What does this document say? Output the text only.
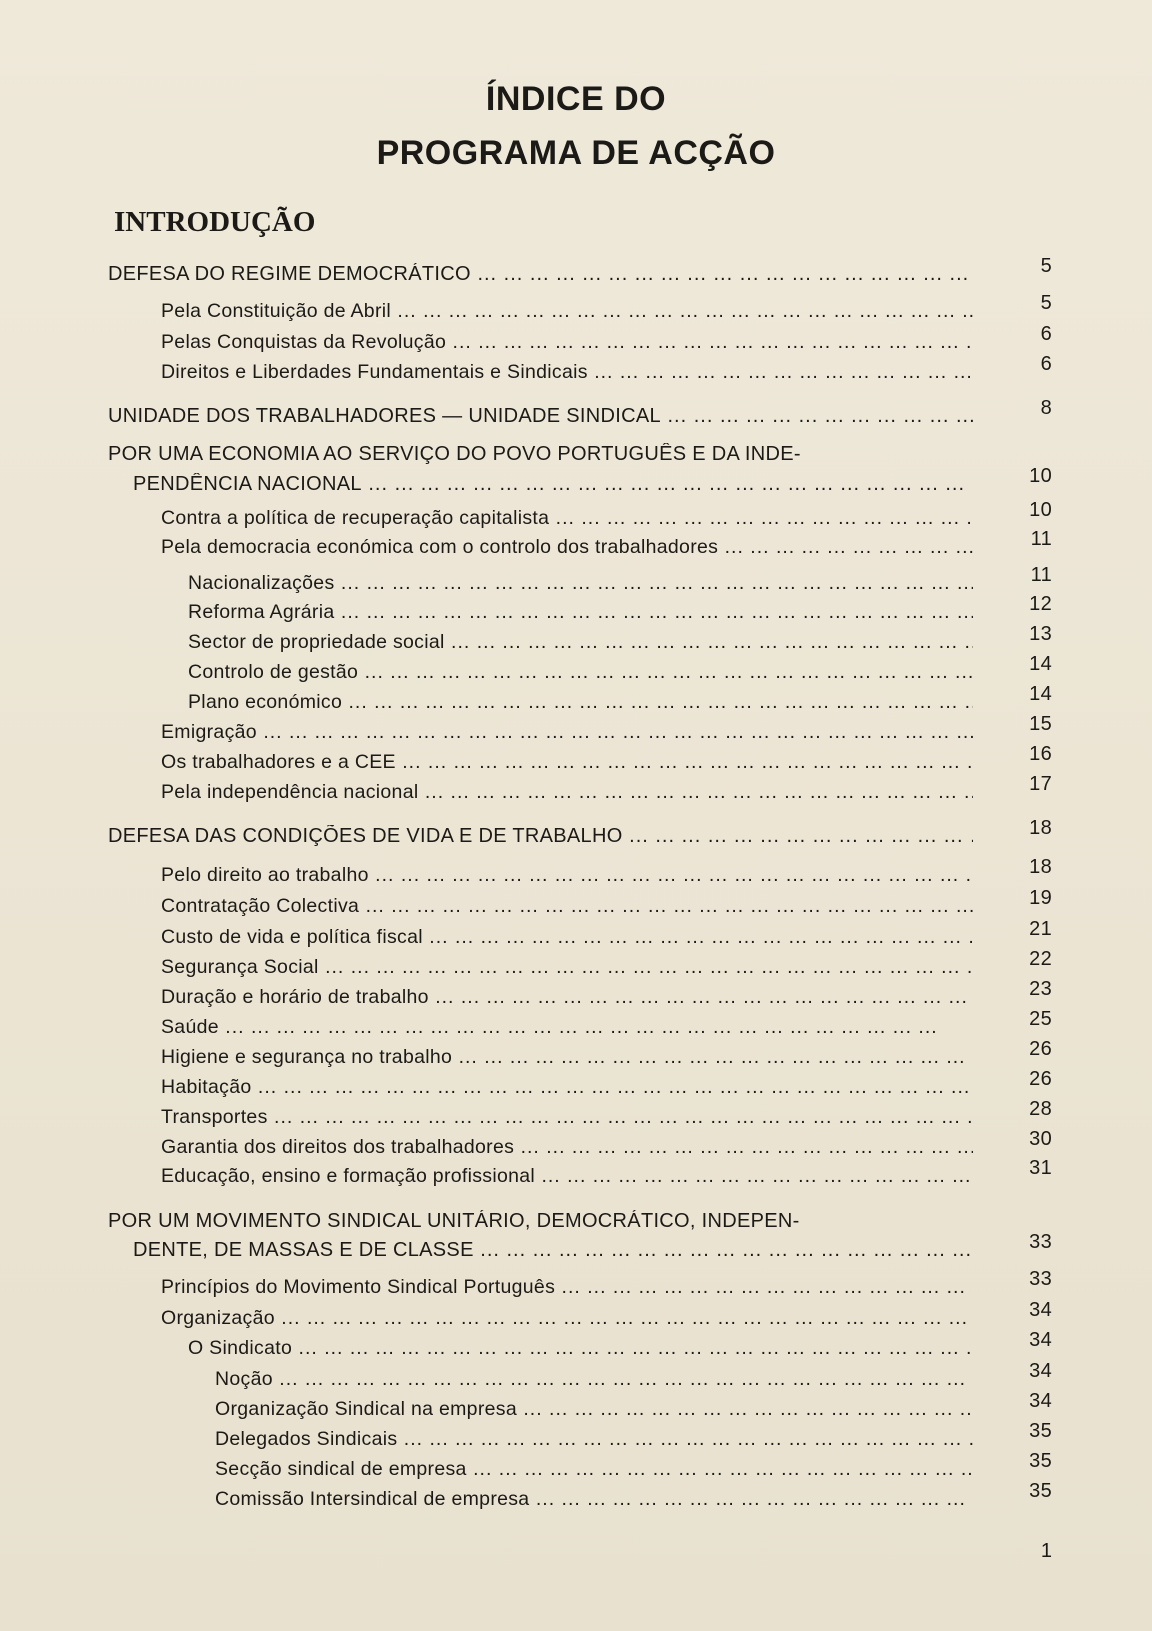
ÍNDICE DO
PROGRAMA DE ACÇÃO
INTRODUÇÃO
DEFESA DO REGIME DEMOCRÁTICO ... .	5
Pela Constituição de Abril ... .	5
Pelas Conquistas da Revolução ... .	6
Direitos e Liberdades Fundamentais e Sindicais ... .	6
UNIDADE DOS TRABALHADORES — UNIDADE SINDICAL ... .	8
POR UMA ECONOMIA AO SERVIÇO DO POVO PORTUGUÊS E DA INDE-
PENDÊNCIA NACIONAL ... .	10
Contra a política de recuperação capitalista ... .	10
Pela democracia económica com o controlo dos trabalhadores ... .	11
Nacionalizações ... .	11
Reforma Agrária ... .	12
Sector de propriedade social ... .	13
Controlo de gestão ... .	14
Plano económico ... .	14
Emigração ... .	15
Os trabalhadores e a CEE ... .	16
Pela independência nacional ... .	17
DEFESA DAS CONDIÇÕES DE VIDA E DE TRABALHO ... .	18
Pelo direito ao trabalho ... .	18
Contratação Colectiva ... .	19
Custo de vida e política fiscal ... .	21
Segurança Social ... .	22
Duração e horário de trabalho ... .	23
Saúde ... .	25
Higiene e segurança no trabalho ... .	26
Habitação ... .	26
Transportes ... .	28
Garantia dos direitos dos trabalhadores ... .	30
Educação, ensino e formação profissional ... .	31
POR UM MOVIMENTO SINDICAL UNITÁRIO, DEMOCRÁTICO, INDEPEN-
DENTE, DE MASSAS E DE CLASSE ... .	33
Princípios do Movimento Sindical Português ... .	33
Organização ... .	34
O Sindicato ... .	34
Noção ... .	34
Organização Sindical na empresa ... .	34
Delegados Sindicais ... .	35
Secção sindical de empresa ... .	35
Comissão Intersindical de empresa ... .	35
1
